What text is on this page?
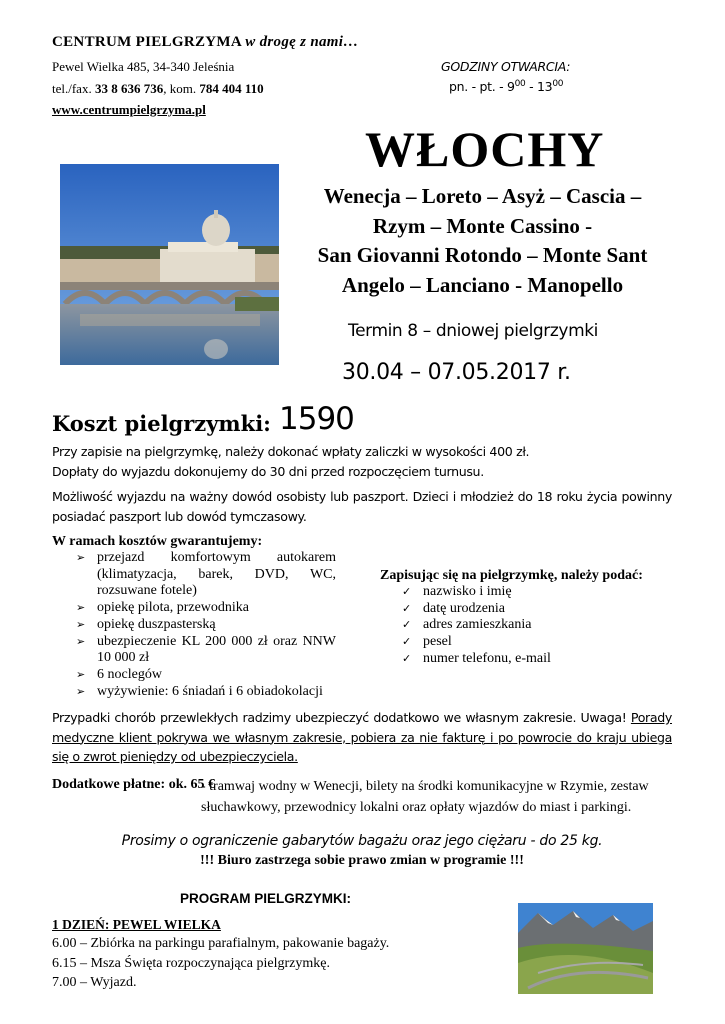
CENTRUM PIELGRZYMA w drogę z nami…
Pewel Wielka 485, 34-340 Jeleśnia
tel./fax. 33 8 636 736, kom. 784 404 110
www.centrumpielgrzyma.pl
GODZINY OTWARCIA:
pn. - pt. - $9^{00} - 13^{00}$
WŁOCHY
Wenecja – Loreto – Asyż – Cascia –
Rzym – Monte Cassino -
San Giovanni Rotondo – Monte Sant
Angelo – Lanciano - Manopello
Termin 8 – dniowej pielgrzymki
30.04 – 07.05.2017 r.
Koszt pielgrzymki: 1590
Przy zapisie na pielgrzymkę, należy dokonać wpłaty zaliczki w wysokości 400 zł.
Dopłaty do wyjazdu dokonujemy do 30 dni przed rozpoczęciem turnusu.
Możliwość wyjazdu na ważny dowód osobisty lub paszport. Dzieci i młodzież do 18 roku życia powinny posiadać paszport lub dowód tymczasowy.
W ramach kosztów gwarantujemy:
➢ przejazd komfortowym autokarem (klimatyzacja, barek, DVD, WC, rozsuwane fotele)
➢ opiekę pilota, przewodnika
➢ opiekę duszpasterską
➢ ubezpieczenie KL 200 000 zł oraz NNW 10 000 zł
➢ 6 noclegów
➢ wyżywienie: 6 śniadań i 6 obiadokolacji
Zapisując się na pielgrzymkę, należy podać:
✓ nazwisko i imię
✓ datę urodzenia
✓ adres zamieszkania
✓ pesel
✓ numer telefonu, e-mail
Przypadki chorób przewlekłych radzimy ubezpieczyć dodatkowo we własnym zakresie. Uwaga! Porady medyczne klient pokrywa we własnym zakresie, pobiera za nie fakturę i po powrocie do kraju ubiega się o zwrot pieniędzy od ubezpieczyciela.
Dodatkowe płatne: ok. 65 €
- tramwaj wodny w Wenecji, bilety na środki komunikacyjne w Rzymie, zestaw słuchawkowy, przewodnicy lokalni oraz opłaty wjazdów do miast i parkingi.
Prosimy o ograniczenie gabarytów bagażu oraz jego ciężaru - do 25 kg.
!!! Biuro zastrzega sobie prawo zmian w programie !!!
PROGRAM PIELGRZYMKI:
1 DZIEŃ: PEWEL WIELKA
6.00 – Zbiórka na parkingu parafialnym, pakowanie bagaży.
6.15 – Msza Święta rozpoczynająca pielgrzymkę.
7.00 – Wyjazd.
